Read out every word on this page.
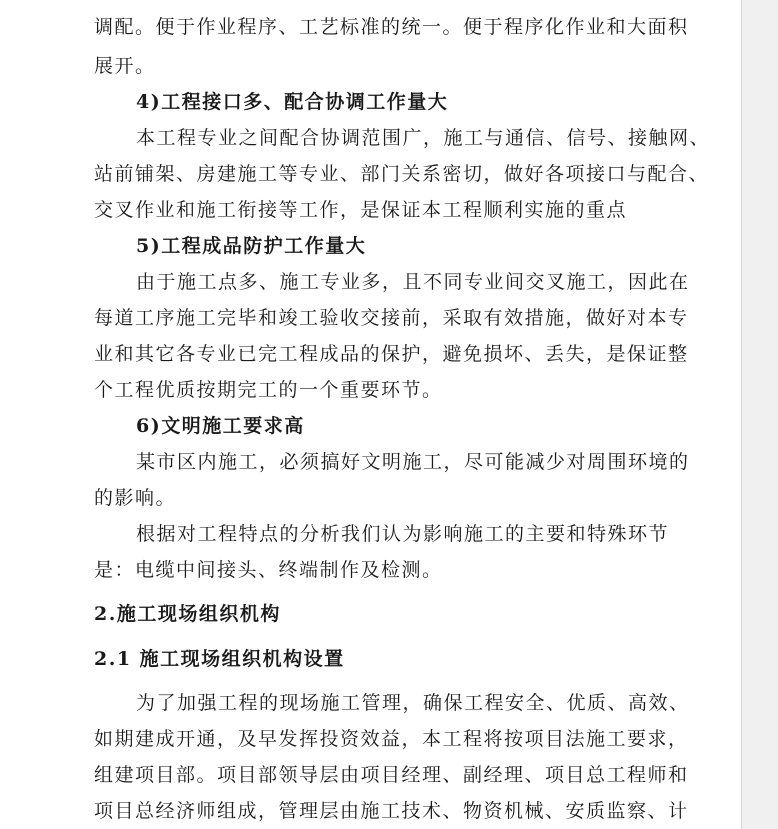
调配。便于作业程序、工艺标准的统一。便于程序化作业和大面积
展开。
4)工程接口多、配合协调工作量大
本工程专业之间配合协调范围广，施工与通信、信号、接触网、
站前铺架、房建施工等专业、部门关系密切，做好各项接口与配合、
交叉作业和施工衔接等工作，是保证本工程顺利实施的重点
5)工程成品防护工作量大
由于施工点多、施工专业多，且不同专业间交叉施工，因此在
每道工序施工完毕和竣工验收交接前，采取有效措施，做好对本专
业和其它各专业已完工程成品的保护，避免损坏、丢失，是保证整
个工程优质按期完工的一个重要环节。
6)文明施工要求高
某市区内施工，必须搞好文明施工，尽可能减少对周围环境的
的影响。
根据对工程特点的分析我们认为影响施工的主要和特殊环节
是：电缆中间接头、终端制作及检测。
2.施工现场组织机构
2.1 施工现场组织机构设置
为了加强工程的现场施工管理，确保工程安全、优质、高效、
如期建成开通，及早发挥投资效益，本工程将按项目法施工要求，
组建项目部。项目部领导层由项目经理、副经理、项目总工程师和
项目总经济师组成，管理层由施工技术、物资机械、安质监察、计
